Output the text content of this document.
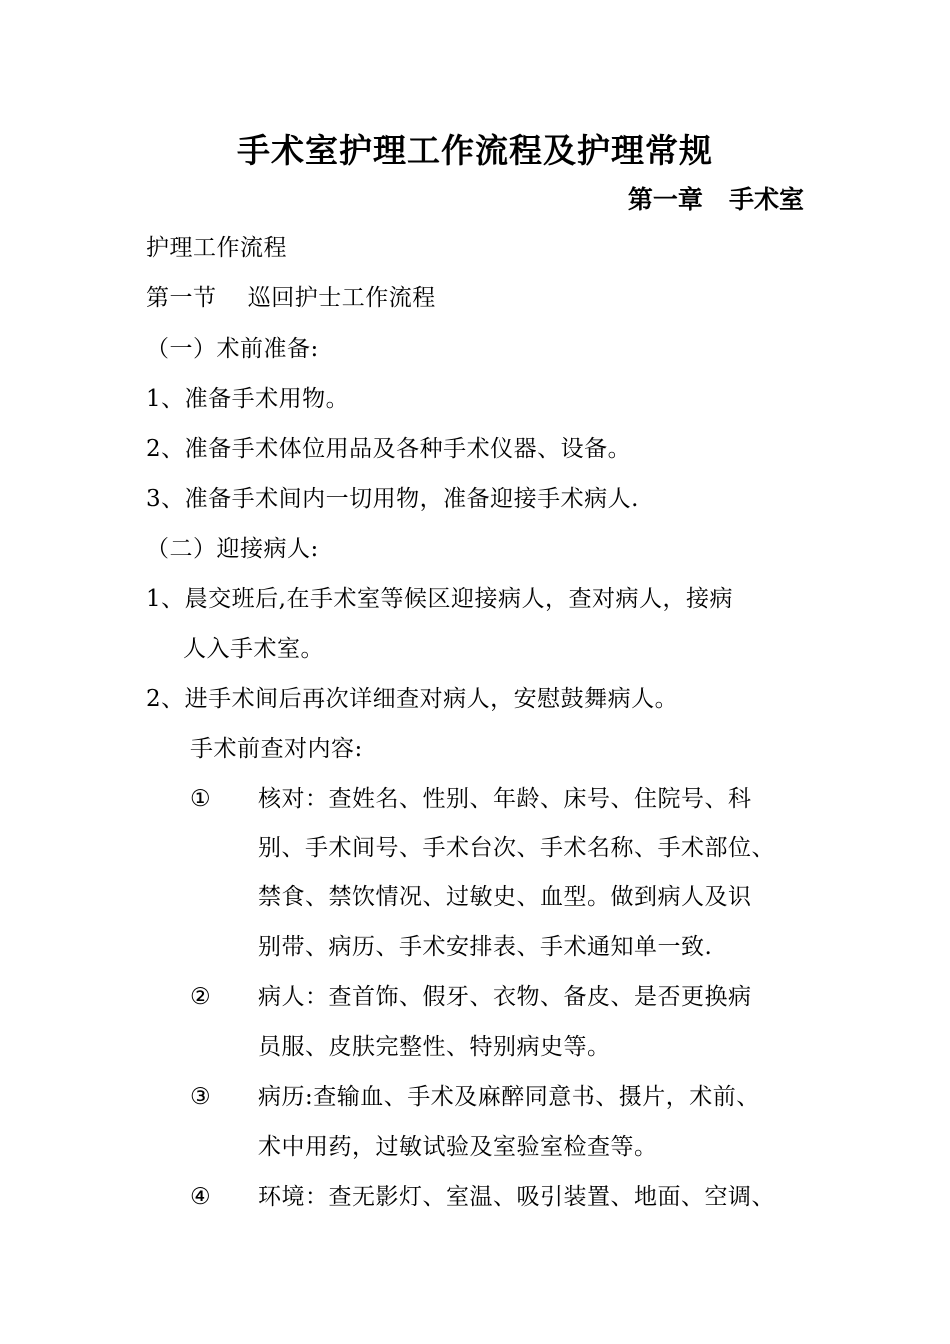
手术室护理工作流程及护理常规
第一章   手术室
护理工作流程
第一节    巡回护士工作流程
（一）术前准备:
1、准备手术用物。
2、准备手术体位用品及各种手术仪器、设备。
3、准备手术间内一切用物，准备迎接手术病人.
（二）迎接病人:
1、晨交班后,在手术室等候区迎接病人，查对病人，接病
人入手术室。
2、进手术间后再次详细查对病人，安慰鼓舞病人。
手术前查对内容:
① 核对：查姓名、性别、年龄、床号、住院号、科
别、手术间号、手术台次、手术名称、手术部位、
禁食、禁饮情况、过敏史、血型。做到病人及识
别带、病历、手术安排表、手术通知单一致.
② 病人：查首饰、假牙、衣物、备皮、是否更换病
员服、皮肤完整性、特别病史等。
③ 病历:查输血、手术及麻醉同意书、摄片，术前、
术中用药，过敏试验及室验室检查等。
④ 环境：查无影灯、室温、吸引装置、地面、空调、
